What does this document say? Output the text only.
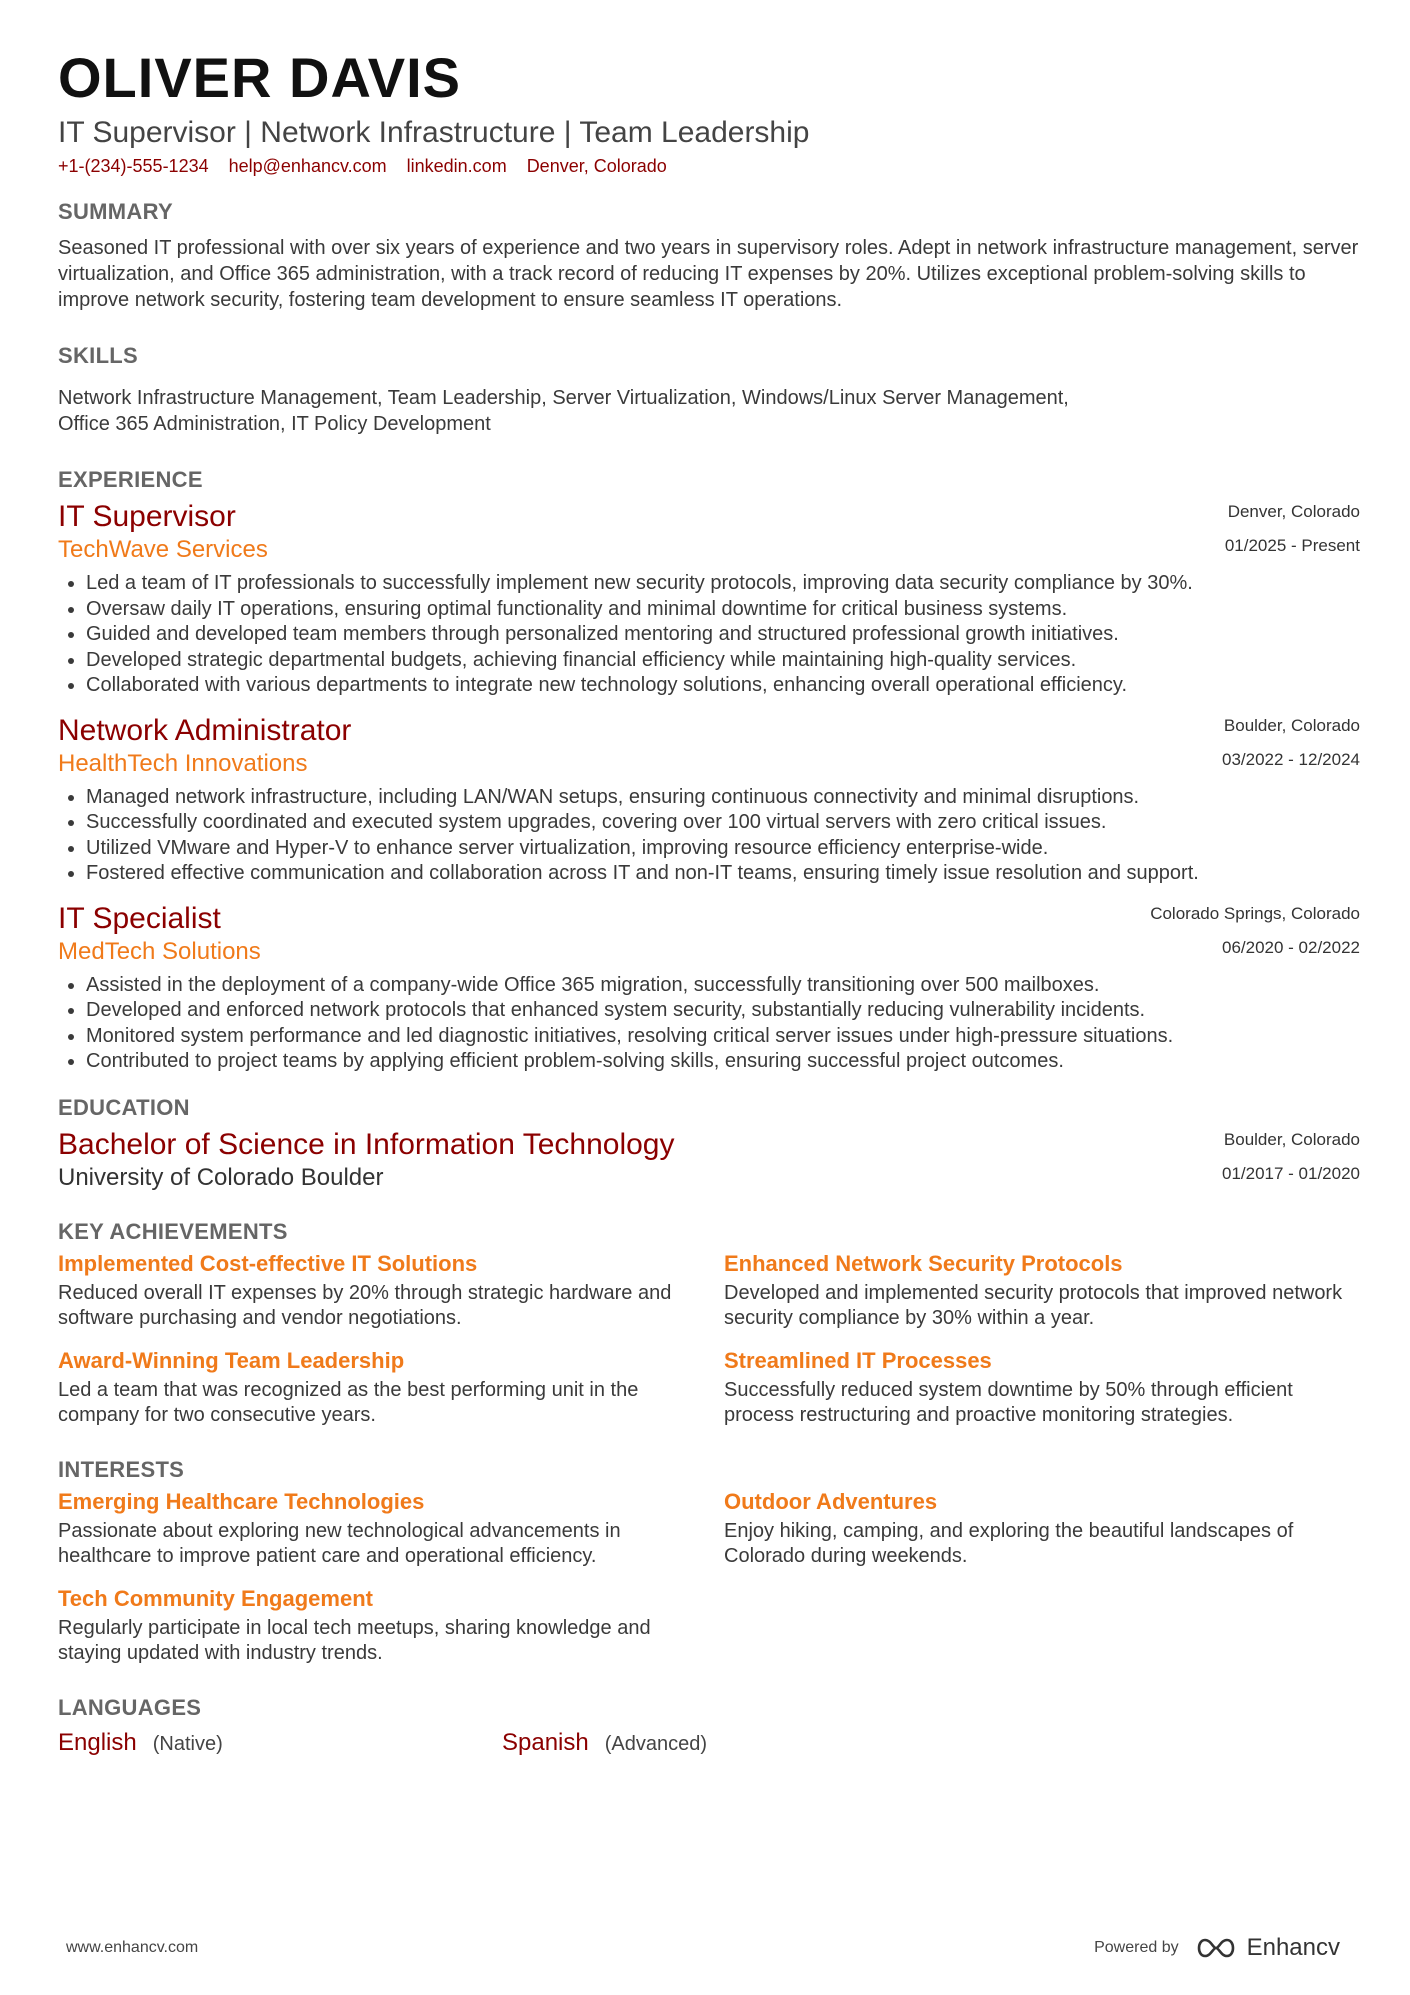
OLIVER DAVIS
IT Supervisor | Network Infrastructure | Team Leadership
+1-(234)-555-1234 help@enhancv.com linkedin.com Denver, Colorado
SUMMARY
Seasoned IT professional with over six years of experience and two years in supervisory roles. Adept in network infrastructure management, server virtualization, and Office 365 administration, with a track record of reducing IT expenses by 20%. Utilizes exceptional problem-solving skills to improve network security, fostering team development to ensure seamless IT operations.
SKILLS
Network Infrastructure Management, Team Leadership, Server Virtualization, Windows/Linux Server Management,
Office 365 Administration, IT Policy Development
EXPERIENCE
IT Supervisor
TechWave Services
Denver, Colorado
01/2025 - Present
• Led a team of IT professionals to successfully implement new security protocols, improving data security compliance by 30%.
• Oversaw daily IT operations, ensuring optimal functionality and minimal downtime for critical business systems.
• Guided and developed team members through personalized mentoring and structured professional growth initiatives.
• Developed strategic departmental budgets, achieving financial efficiency while maintaining high-quality services.
• Collaborated with various departments to integrate new technology solutions, enhancing overall operational efficiency.
Network Administrator
HealthTech Innovations
Boulder, Colorado
03/2022 - 12/2024
• Managed network infrastructure, including LAN/WAN setups, ensuring continuous connectivity and minimal disruptions.
• Successfully coordinated and executed system upgrades, covering over 100 virtual servers with zero critical issues.
• Utilized VMware and Hyper-V to enhance server virtualization, improving resource efficiency enterprise-wide.
• Fostered effective communication and collaboration across IT and non-IT teams, ensuring timely issue resolution and support.
IT Specialist
MedTech Solutions
Colorado Springs, Colorado
06/2020 - 02/2022
• Assisted in the deployment of a company-wide Office 365 migration, successfully transitioning over 500 mailboxes.
• Developed and enforced network protocols that enhanced system security, substantially reducing vulnerability incidents.
• Monitored system performance and led diagnostic initiatives, resolving critical server issues under high-pressure situations.
• Contributed to project teams by applying efficient problem-solving skills, ensuring successful project outcomes.
EDUCATION
Bachelor of Science in Information Technology
University of Colorado Boulder
Boulder, Colorado
01/2017 - 01/2020
KEY ACHIEVEMENTS
Implemented Cost-effective IT Solutions
Reduced overall IT expenses by 20% through strategic hardware and software purchasing and vendor negotiations.
Enhanced Network Security Protocols
Developed and implemented security protocols that improved network security compliance by 30% within a year.
Award-Winning Team Leadership
Led a team that was recognized as the best performing unit in the company for two consecutive years.
Streamlined IT Processes
Successfully reduced system downtime by 50% through efficient process restructuring and proactive monitoring strategies.
INTERESTS
Emerging Healthcare Technologies
Passionate about exploring new technological advancements in healthcare to improve patient care and operational efficiency.
Outdoor Adventures
Enjoy hiking, camping, and exploring the beautiful landscapes of Colorado during weekends.
Tech Community Engagement
Regularly participate in local tech meetups, sharing knowledge and staying updated with industry trends.
LANGUAGES
English (Native)	Spanish (Advanced)
www.enhancv.com	Powered by	Enhancv
